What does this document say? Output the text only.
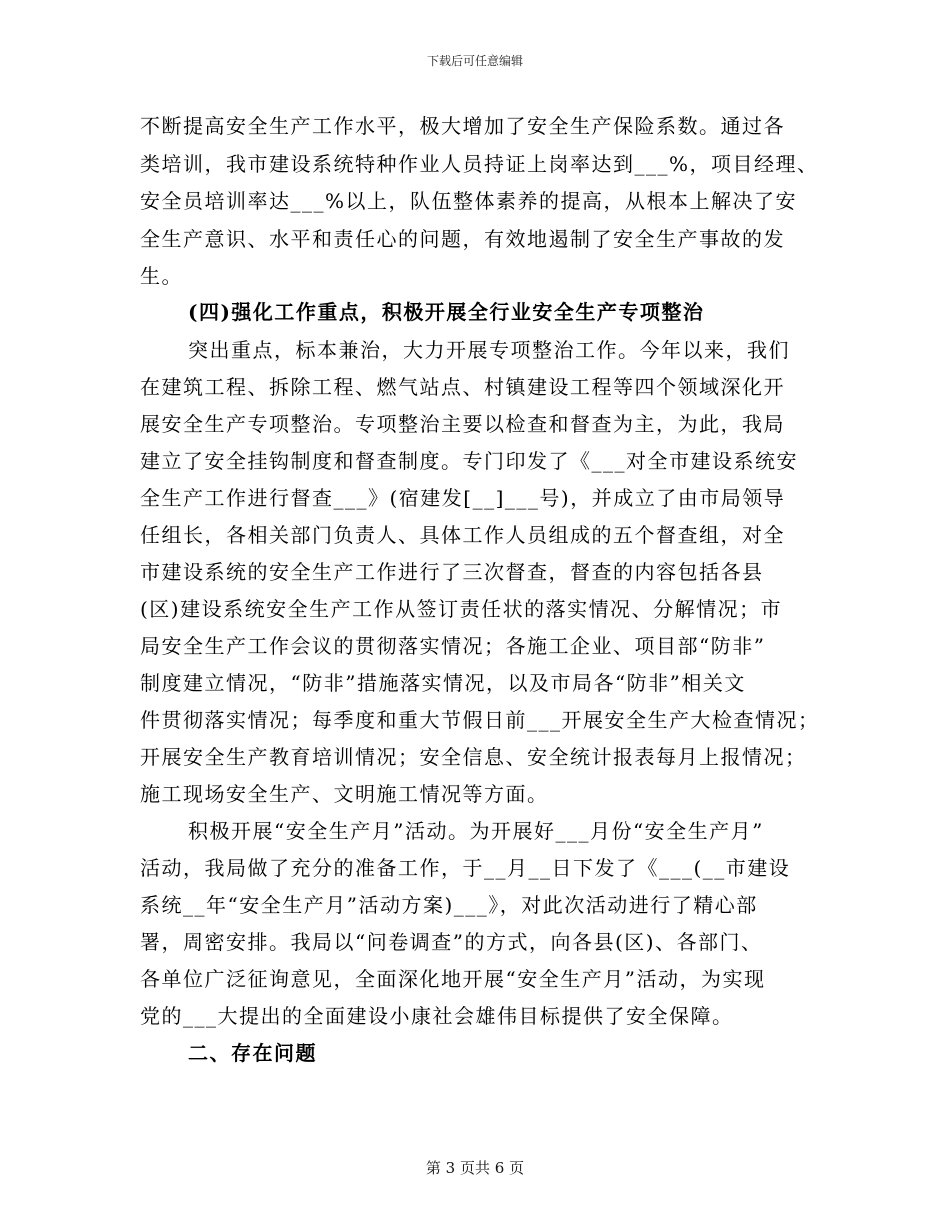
下载后可任意编辑
不断提高安全生产工作水平，极大增加了安全生产保险系数。通过各
类培训，我市建设系统特种作业人员持证上岗率达到___%，项目经理、
安全员培训率达___%以上，队伍整体素养的提高，从根本上解决了安
全生产意识、水平和责任心的问题，有效地遏制了安全生产事故的发
生。
(四)强化工作重点，积极开展全行业安全生产专项整治
突出重点，标本兼治，大力开展专项整治工作。今年以来，我们
在建筑工程、拆除工程、燃气站点、村镇建设工程等四个领域深化开
展安全生产专项整治。专项整治主要以检查和督查为主，为此，我局
建立了安全挂钩制度和督查制度。专门印发了《___对全市建设系统安
全生产工作进行督查___》(宿建发[__]___号)，并成立了由市局领导
任组长，各相关部门负责人、具体工作人员组成的五个督查组，对全
市建设系统的安全生产工作进行了三次督查，督查的内容包括各县
(区)建设系统安全生产工作从签订责任状的落实情况、分解情况；市
局安全生产工作会议的贯彻落实情况；各施工企业、项目部“防非”
制度建立情况，“防非”措施落实情况，以及市局各“防非”相关文
件贯彻落实情况；每季度和重大节假日前___开展安全生产大检查情况；
开展安全生产教育培训情况；安全信息、安全统计报表每月上报情况；
施工现场安全生产、文明施工情况等方面。
积极开展“安全生产月”活动。为开展好___月份“安全生产月”
活动，我局做了充分的准备工作，于__月__日下发了《___(__市建设
系统__年“安全生产月”活动方案)___》，对此次活动进行了精心部
署，周密安排。我局以“问卷调查”的方式，向各县(区)、各部门、
各单位广泛征询意见，全面深化地开展“安全生产月”活动，为实现
党的___大提出的全面建设小康社会雄伟目标提供了安全保障。
二、存在问题
第 3 页共 6 页
